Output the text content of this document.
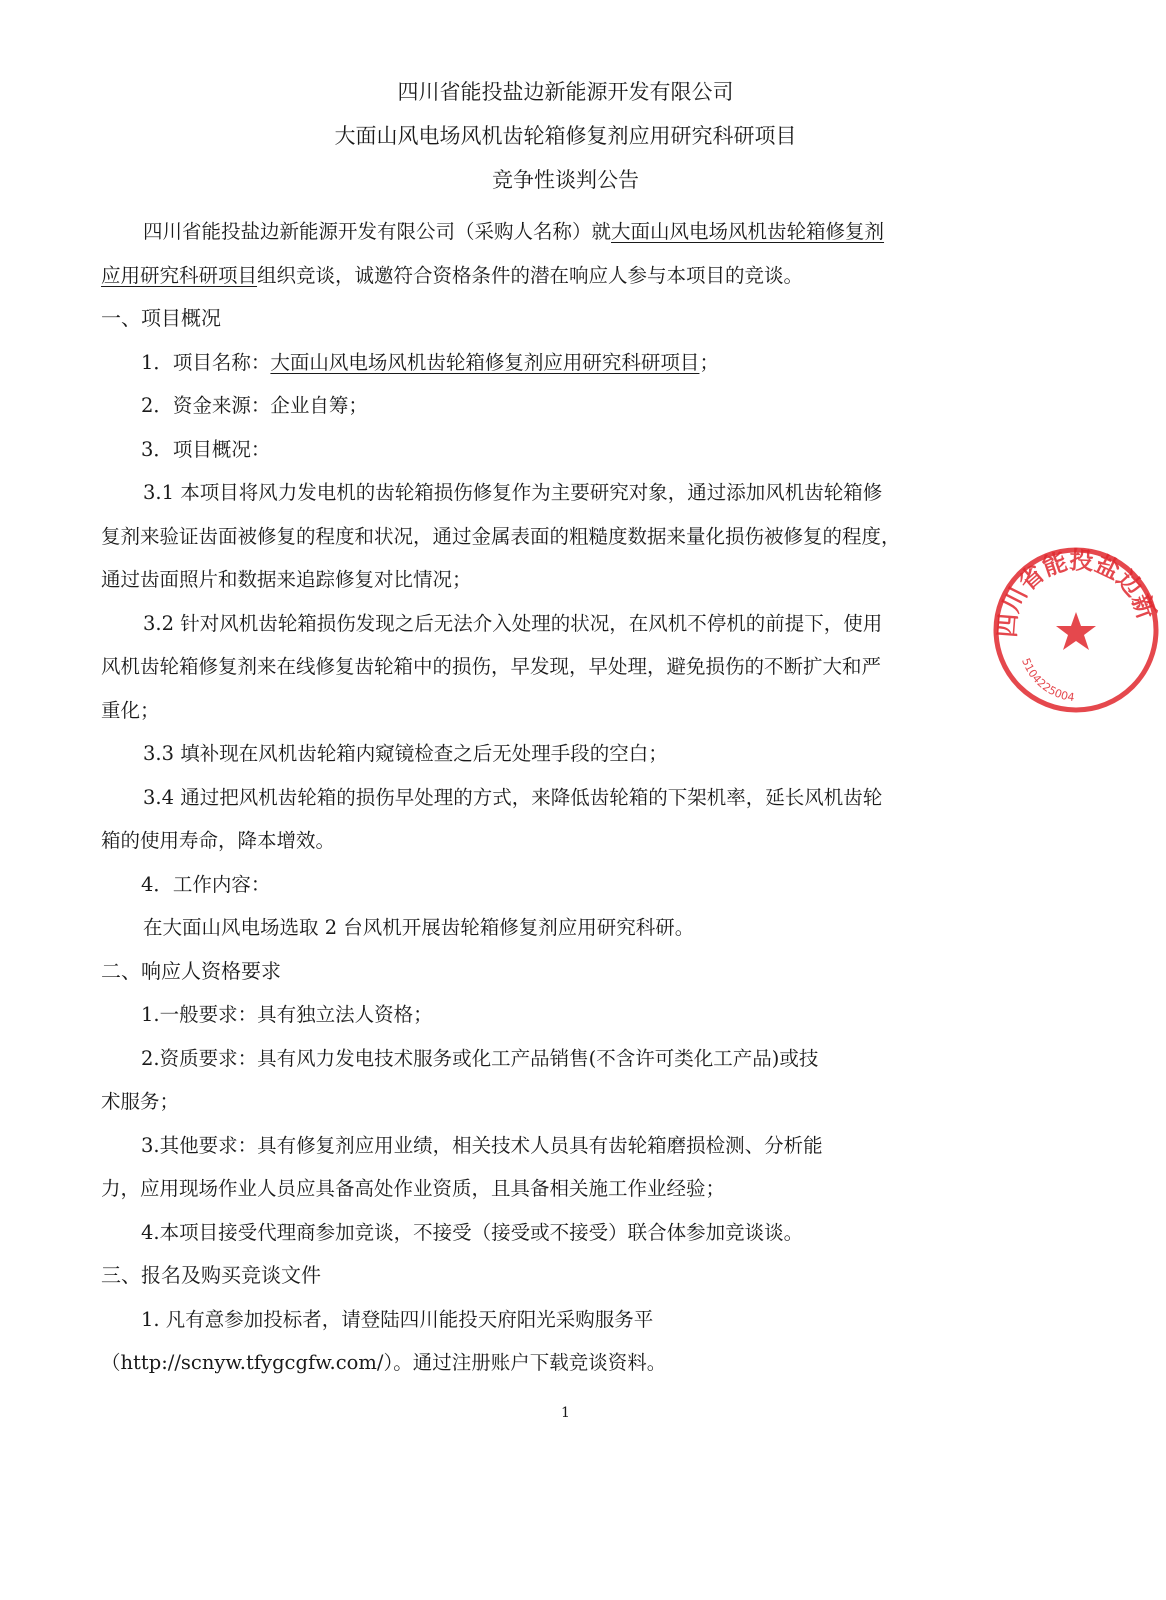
四川省能投盐边新能源开发有限公司
大面山风电场风机齿轮箱修复剂应用研究科研项目
竞争性谈判公告
四川省能投盐边新能源开发有限公司（采购人名称）就大面山风电场风机齿轮箱修复剂
应用研究科研项目组织竞谈，诚邀符合资格条件的潜在响应人参与本项目的竞谈。
一、项目概况
1．项目名称：大面山风电场风机齿轮箱修复剂应用研究科研项目；
2．资金来源：企业自筹；
3．项目概况：
3.1 本项目将风力发电机的齿轮箱损伤修复作为主要研究对象，通过添加风机齿轮箱修
复剂来验证齿面被修复的程度和状况，通过金属表面的粗糙度数据来量化损伤被修复的程度，
通过齿面照片和数据来追踪修复对比情况；
3.2 针对风机齿轮箱损伤发现之后无法介入处理的状况，在风机不停机的前提下，使用
风机齿轮箱修复剂来在线修复齿轮箱中的损伤，早发现，早处理，避免损伤的不断扩大和严
重化；
3.3 填补现在风机齿轮箱内窥镜检查之后无处理手段的空白；
3.4 通过把风机齿轮箱的损伤早处理的方式，来降低齿轮箱的下架机率，延长风机齿轮
箱的使用寿命，降本增效。
4．工作内容：
在大面山风电场选取 2 台风机开展齿轮箱修复剂应用研究科研。
二、响应人资格要求
1.一般要求：具有独立法人资格；
2.资质要求：具有风力发电技术服务或化工产品销售(不含许可类化工产品)或技
术服务；
3.其他要求：具有修复剂应用业绩，相关技术人员具有齿轮箱磨损检测、分析能
力，应用现场作业人员应具备高处作业资质，且具备相关施工作业经验；
4.本项目接受代理商参加竞谈，不接受（接受或不接受）联合体参加竞谈谈。
三、报名及购买竞谈文件
1. 凡有意参加投标者，请登陆四川能投天府阳光采购服务平
（http://scnyw.tfygcgfw.com/）。通过注册账户下载竞谈资料。
1
四川省能投盐边新
5104225004
